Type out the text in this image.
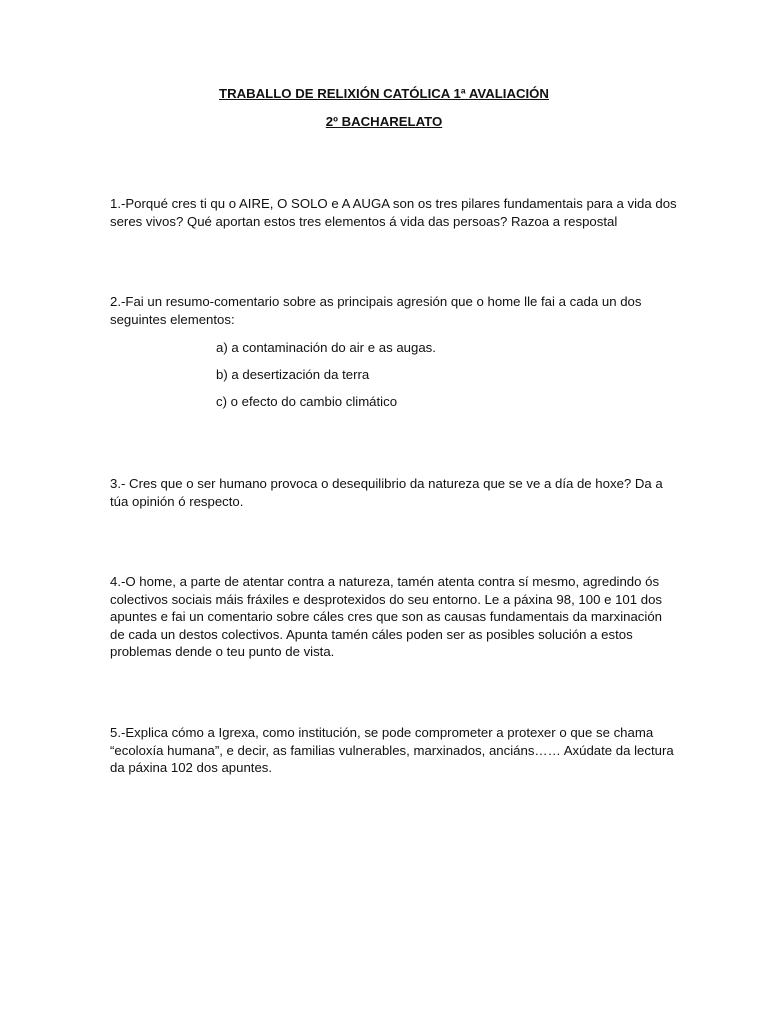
TRABALLO DE RELIXIÓN CATÓLICA 1ª AVALIACIÓN
2º BACHARELATO
1.-Porqué cres ti qu o AIRE, O SOLO e A AUGA son os tres pilares fundamentais para a vida dos
seres vivos? Qué aportan estos tres elementos á vida das persoas? Razoa a respostal
2.-Fai un resumo-comentario sobre as principais agresión que o home lle fai a cada un dos
seguintes elementos:
a) a contaminación do air e as augas.
b) a desertización da terra
c) o efecto do cambio climático
3.- Cres que o ser humano provoca o desequilibrio da natureza que se ve a día de hoxe? Da a
túa opinión ó respecto.
4.-O home, a parte de atentar contra a natureza, tamén atenta contra sí mesmo, agredindo ós
colectivos sociais máis fráxiles e desprotexidos do seu entorno. Le a páxina 98, 100 e 101 dos
apuntes e fai un comentario sobre cáles cres que son as causas fundamentais da marxinación
de cada un destos colectivos. Apunta tamén cáles poden ser as posibles solución a estos
problemas dende o teu punto de vista.
5.-Explica cómo a Igrexa, como institución, se pode comprometer a protexer o que se chama
“ecoloxía humana”, e decir, as familias vulnerables, marxinados, anciáns…… Axúdate da lectura
da páxina 102 dos apuntes.
